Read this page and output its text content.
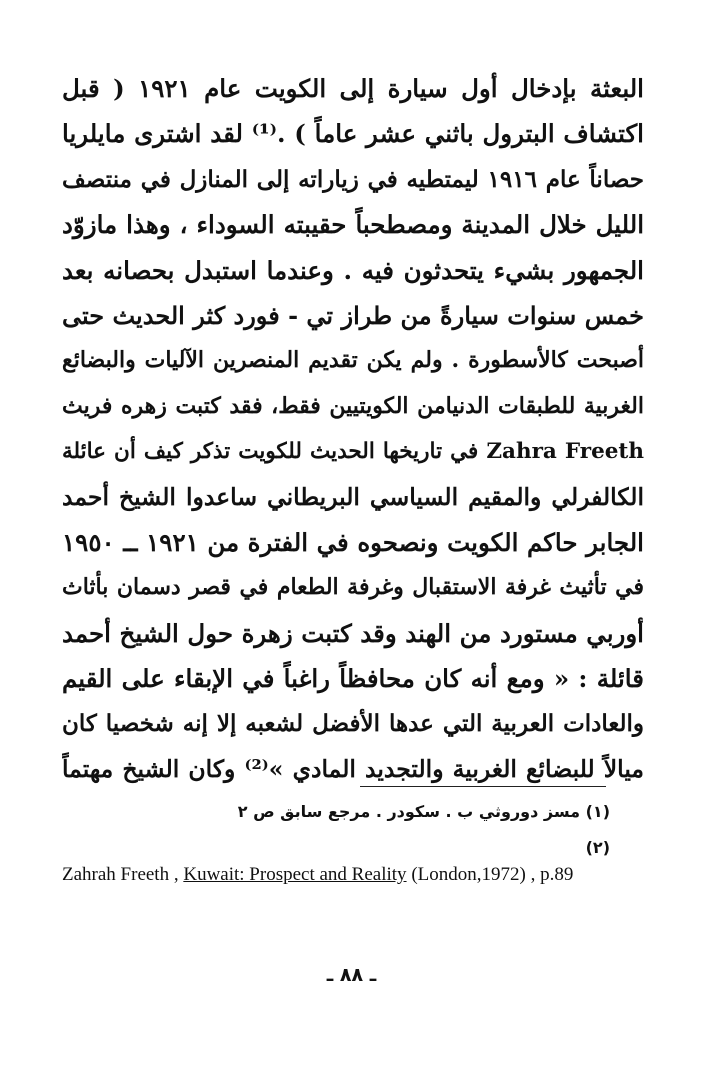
البعثة بإدخال أول سيارة إلى الكويت عام ١٩٢١ ( قبل
اكتشاف البترول باثني عشر عاماً ) .⁽¹⁾ لقد اشترى مايلريا
حصاناً عام ١٩١٦ ليمتطيه في زياراته إلى المنازل في منتصف
الليل خلال المدينة ومصطحباً حقيبته السوداء ، وهذا مازوّد
الجمهور بشيء يتحدثون فيه . وعندما استبدل بحصانه بعد
خمس سنوات سيارةً من طراز تي - فورد كثر الحديث حتى
أصبحت كالأسطورة . ولم يكن تقديم المنصرين الآليات والبضائع
الغربية للطبقات الدنيامن الكويتيين فقط، فقد كتبت زهره فريث
Zahra Freeth في تاريخها الحديث للكويت تذكر كيف أن عائلة
الكالفرلي والمقيم السياسي البريطاني ساعدوا الشيخ أحمد
الجابر حاكم الكويت ونصحوه في الفترة من ١٩٢١ ــ ١٩٥٠
في تأثيث غرفة الاستقبال وغرفة الطعام في قصر دسمان بأثاث
أوربي مستورد من الهند وقد كتبت زهرة حول الشيخ أحمد
قائلة : « ومع أنه كان محافظاً راغباً في الإبقاء على القيم
والعادات العربية التي عدها الأفضل لشعبه إلا إنه شخصيا كان
ميالاً للبضائع الغربية والتجديد المادي »⁽²⁾ وكان الشيخ مهتماً
(١) مسز دوروثي ب . سكودر . مرجع سابق ص ٢
(٢)
Zahrah Freeth , Kuwait: Prospect and Reality (London,1972) , p.89
ـ ٨٨ ـ
